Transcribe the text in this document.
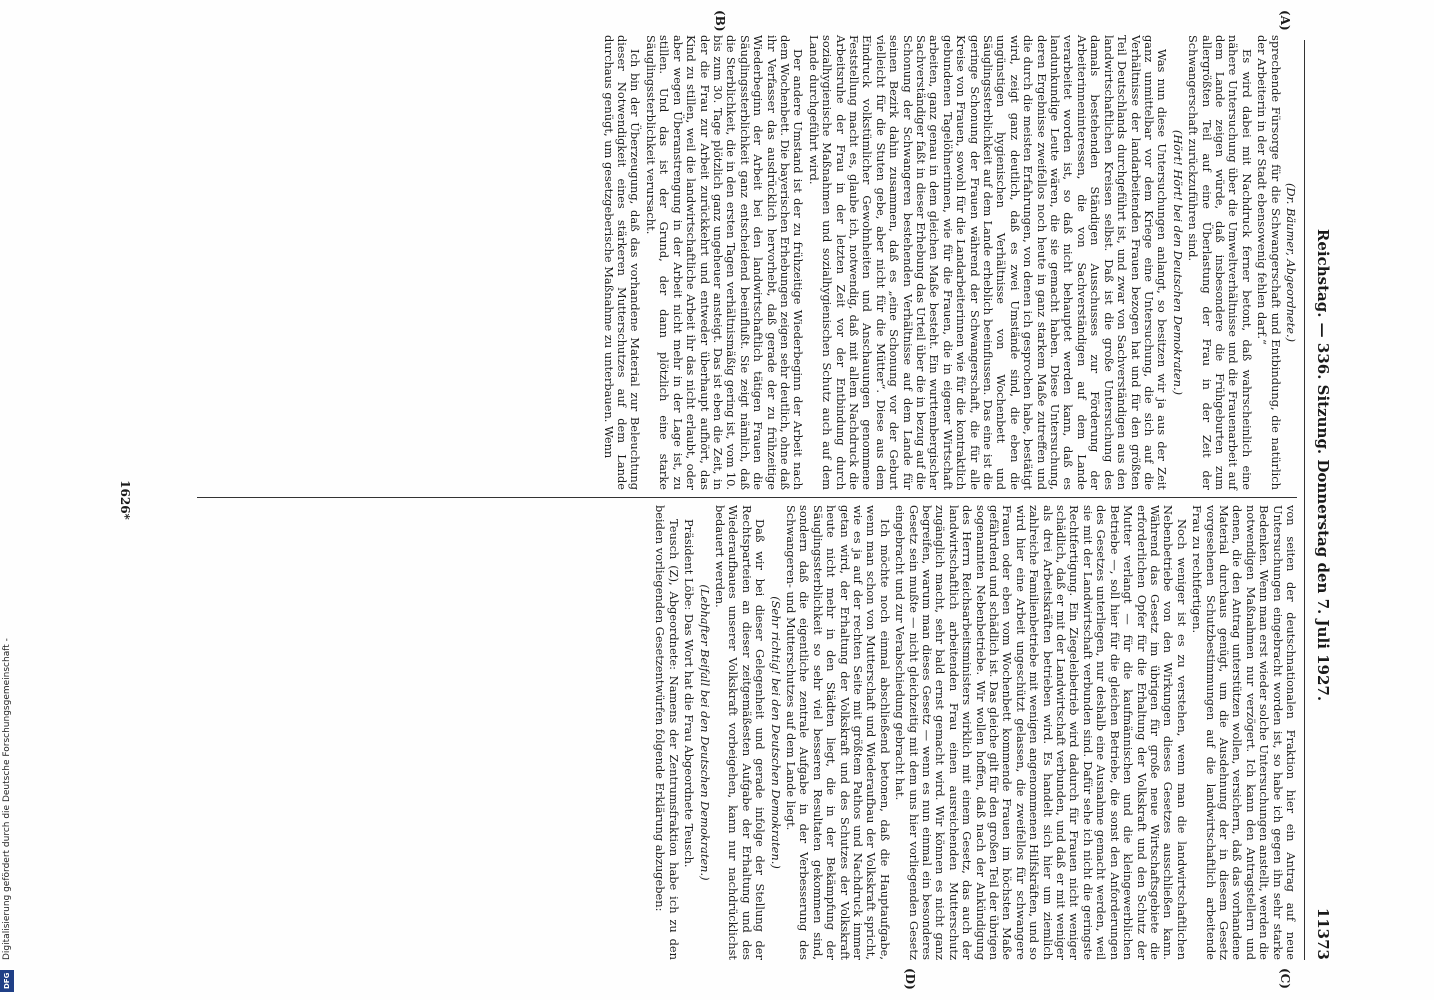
Reichstag. — 336. Sitzung. Donnerstag den 7. Juli 1927.
11373
(A)
(B)
(C)
(D)

(Dr. Bäumer, Abgeordnete.)

sprechende Fürsorge für die Schwangerschaft und Entbindung, die natürlich der Arbeiterin in der Stadt ebensowenig fehlen darf.“

Es wird dabei mit Nachdruck ferner betont, daß wahrscheinlich eine nähere Untersuchung über die Umweltverhältnisse und die Frauenarbeit auf dem Lande zeigen würde, daß insbesondere die Frühgeburten zum allergrößten Teil auf eine Überlastung der Frau in der Zeit der Schwangerschaft zurückzuführen sind.

(Hört! Hört! bei den Deutschen Demokraten.)

Was nun diese Untersuchungen anlangt, so besitzen wir ja aus der Zeit ganz unmittelbar vor dem Kriege eine Untersuchung, die sich auf die Verhältnisse der landarbeitenden Frauen bezogen hat und für den größten Teil Deutschlands durchgeführt ist, und zwar von Sachverständigen aus den landwirtschaftlichen Kreisen selbst. Daß ist die große Untersuchung des damals bestehenden Ständigen Ausschusses zur Förderung der Arbeiterinneninteressen, die von Sachverständigen auf dem Lande verarbeitet worden ist, so daß nicht behauptet werden kann, daß es landunkundige Leute wären, die sie gemacht haben. Diese Untersuchung, deren Ergebnisse zweifellos noch heute in ganz starkem Maße zutreffen und die durch die meisten Erfahrungen, von denen ich gesprochen habe, bestätigt wird, zeigt ganz deutlich, daß es zwei Umstände sind, die eben die ungünstigen hygienischen Verhältnisse von Wochenbett und Säuglingssterblichkeit auf dem Lande erheblich beeinflussen. Das eine ist die geringe Schonung der Frauen während der Schwangerschaft, die für alle Kreise von Frauen, sowohl für die Landarbeiterinnen wie für die kontraktlich gebundenen Tagelöhnerinnen, wie für die Frauen, die in eigener Wirtschaft arbeiten, ganz genau in dem gleichen Maße besteht. Ein wurttembergischer Sachverständiger faßt in dieser Erhebung das Urteil über die in bezug auf die Schonung der Schwangeren bestehenden Verhältnisse auf dem Lande für seinen Bezirk dahin zusammen, daß es „eine Schonung vor der Geburt vielleicht für die Stuten gebe, aber nicht für die Mütter“. Diese aus dem Eindruck volkstümlicher Gewohnheiten und Anschauungen genommene Feststellung macht es, glaube ich, notwendig, daß mit allem Nachdruck die Arbeitsruhe der Frau in der letzten Zeit vor der Entbindung durch sozialhygienische Maßnahmen und sozialhygienischen Schutz auch auf dem Lande durchgeführt wird.

Der andere Umstand ist der zu frühzeitige Wiederbeginn der Arbeit nach dem Wochenbett. Die bayerischen Erhebungen zeigen sehr deutlich, ohne daß ihr Verfasser das ausdrücklich hervorhebt, daß gerade der zu frühzeitige Wiederbeginn der Arbeit bei den landwirtschaftlich tätigen Frauen die Säuglingssterblichkeit ganz entscheidend beeinflußt. Sie zeigt nämlich, daß die Sterblichkeit, die in den ersten Tagen verhältnismäßig gering ist, vom 10. bis zum 30. Tage plötzlich ganz ungeheuer ansteigt. Das ist eben die Zeit, in der die Frau zur Arbeit zurückkehrt und entweder überhaupt aufhört, das Kind zu stillen, weil die landwirtschaftliche Arbeit ihr das nicht erlaubt, oder aber wegen Überanstrengung in der Arbeit nicht mehr in der Lage ist, zu stillen. Und das ist der Grund, der dann plötzlich eine starke Säuglingssterblichkeit verursacht.

Ich bin der Überzeugung, daß das vorhandene Material zur Beleuchtung dieser Notwendigkeit eines stärkeren Mutterschutzes auf dem Lande durchaus genügt, um gesetzgeberische Maßnahme zu unterbauen. Wenn

von seiten der deutschnationalen Fraktion hier ein Antrag auf neue Untersuchungen eingebracht worden ist, so habe ich gegen ihn sehr starke Bedenken. Wenn man erst wieder solche Untersuchungen anstellt, werden die notwendigen Maßnahmen nur verzögert. Ich kann den Antragstellern und denen, die den Antrag unterstützen wollen, versichern, daß das vorhandene Material durchaus genügt, um die Ausdehnung der in diesem Gesetz vorgesehenen Schutzbestimmungen auf die landwirtschaftlich arbeitende Frau zu rechtfertigen.

Noch weniger ist es zu verstehen, wenn man die landwirtschaftlichen Nebenbetriebe von den Wirkungen dieses Gesetzes ausschließen kann. Während das Gesetz im übrigen für große neue Wirtschaftsgebiete die erforderlichen Opfer für die Erhaltung der Volkskraft und den Schutz der Mutter verlangt — für die kaufmännischen und die kleingewerblichen Betriebe —, soll hier für die gleichen Betriebe, die sonst den Anforderungen des Gesetzes unterliegen, nur deshalb eine Ausnahme gemacht werden, weil sie mit der Landwirtschaft verbunden sind. Dafür sehe ich nicht die geringste Rechtfertigung. Ein Ziegeleibetrieb wird dadurch für Frauen nicht weniger schädlich, daß er mit der Landwirtschaft verbunden, und daß er mit weniger als drei Arbeitskräften betrieben wird. Es handelt sich hier um ziemlich zahlreiche Familienbetriebe mit wenigen angenommenen Hilfskräften, und so wird hier eine Arbeit ungeschützt gelassen, die zweifellos für schwangere Frauen oder eben vom Wochenbett kommende Frauen im höchsten Maße gefährdend und schädlich ist. Das gleiche gilt für den großen Teil der übrigen sogenannten Nebenbetriebe. Wir wollen hoffen, daß nach der Ankündigung des Herrn Reichsarbeitsministers wirklich mit einem Gesetz, das auch der landwirtschaftlich arbeitenden Frau einen ausreichenden Mutterschutz zugänglich macht, sehr bald ernst gemacht wird. Wir können es nicht ganz begreifen, warum man dieses Gesetz — wenn es nun einmal ein besonderes Gesetz sein mußte — nicht gleichzeitig mit dem uns hier vorliegenden Gesetz eingebracht und zur Verabschiedung gebracht hat.

Ich möchte noch einmal abschließend betonen, daß die Hauptaufgabe, wenn man schon von Mutterschaft und Wiederaufbau der Volkskraft spricht, wie es ja auf der rechten Seite mit größtem Pathos und Nachdruck immer getan wird, der Erhaltung der Volkskraft und des Schutzes der Volkskraft heute nicht mehr in den Städten liegt, die in der Bekämpfung der Säuglingssterblichkeit so sehr viel besseren Resultaten gekommen sind, sondern daß die eigentliche zentrale Aufgabe in der Verbesserung des Schwangeren- und Mutterschutzes auf dem Lande liegt.

(Sehr richtig! bei den Deutschen Demokraten.)

Daß wir bei dieser Gelegenheit und gerade infolge der Stellung der Rechtsparteien an dieser zeitgemäßesten Aufgabe der Erhaltung und des Wiederaufbaues unserer Volkskraft vorbeigehen, kann nur nachdrücklichst bedauert werden.

(Lebhafter Beifall bei den Deutschen Demokraten.)

Präsident Löbe: Das Wort hat die Frau Abgeordnete Teusch.

Teusch (Z), Abgeordnete: Namens der Zentrumsfraktion habe ich zu den beiden vorliegenden Gesetzentwürfen folgende Erklärung abzugeben:

1626*
Digitalisierung gefördert durch die Deutsche Forschungsgemeinschaft -
DFG
